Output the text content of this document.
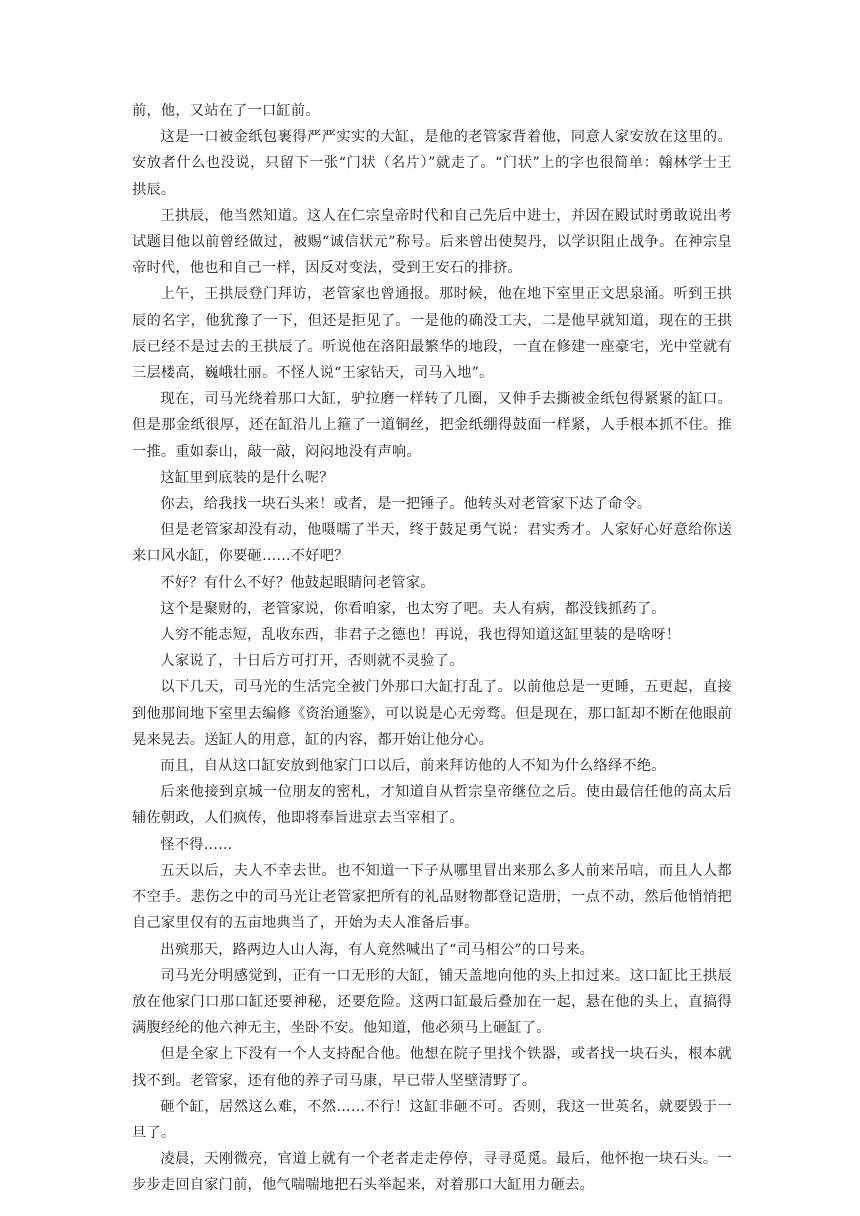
前，他，又站在了一口缸前。

这是一口被金纸包裹得严严实实的大缸，是他的老管家背着他，同意人家安放在这里的。安放者什么也没说，只留下一张“门状（名片）”就走了。“门状”上的字也很简单：翰林学士王拱辰。

王拱辰，他当然知道。这人在仁宗皇帝时代和自己先后中进士，并因在殿试时勇敢说出考试题目他以前曾经做过，被赐“诚信状元”称号。后来曾出使契丹，以学识阻止战争。在神宗皇帝时代，他也和自己一样，因反对变法，受到王安石的排挤。

上午，王拱辰登门拜访，老管家也曾通报。那时候，他在地下室里正文思泉涌。听到王拱辰的名字，他犹豫了一下，但还是拒见了。一是他的确没工夫，二是他早就知道，现在的王拱辰已经不是过去的王拱辰了。听说他在洛阳最繁华的地段，一直在修建一座豪宅，光中堂就有三层楼高，巍峨壮丽。不怪人说“王家钻天，司马入地”。

现在，司马光绕着那口大缸，驴拉磨一样转了几圈，又伸手去撕被金纸包得紧紧的缸口。但是那金纸很厚，还在缸沿儿上箍了一道铜丝，把金纸绷得鼓面一样紧，人手根本抓不住。推一推。重如泰山，敲一敲，闷闷地没有声响。

这缸里到底装的是什么呢？

你去，给我找一块石头来！或者，是一把锤子。他转头对老管家下达了命令。

但是老管家却没有动，他嗫嚅了半天，终于鼓足勇气说：君实秀才。人家好心好意给你送来口风水缸，你要砸……不好吧？

不好？有什么不好？他鼓起眼睛问老管家。

这个是聚财的，老管家说，你看咱家，也太穷了吧。夫人有病，都没钱抓药了。

人穷不能志短，乱收东西，非君子之德也！再说，我也得知道这缸里装的是啥呀！

人家说了，十日后方可打开，否则就不灵验了。

以下几天，司马光的生活完全被门外那口大缸打乱了。以前他总是一更睡，五更起，直接到他那间地下室里去编修《资治通鉴》，可以说是心无旁骛。但是现在，那口缸却不断在他眼前晃来晃去。送缸人的用意，缸的内容，都开始让他分心。

而且，自从这口缸安放到他家门口以后，前来拜访他的人不知为什么络绎不绝。

后来他接到京城一位朋友的密札，才知道自从哲宗皇帝继位之后。使由最信任他的高太后辅佐朝政，人们疯传，他即将奉旨进京去当宰相了。

怪不得……

五天以后，夫人不幸去世。也不知道一下子从哪里冒出来那么多人前来吊唁，而且人人都不空手。悲伤之中的司马光让老管家把所有的礼品财物都登记造册，一点不动，然后他悄悄把自己家里仅有的五亩地典当了，开始为夫人准备后事。

出殡那天，路两边人山人海，有人竟然喊出了“司马相公”的口号来。

司马光分明感觉到，正有一口无形的大缸，铺天盖地向他的头上扣过来。这口缸比王拱辰放在他家门口那口缸还要神秘，还要危险。这两口缸最后叠加在一起，悬在他的头上，直搞得满腹经纶的他六神无主，坐卧不安。他知道，他必须马上砸缸了。

但是全家上下没有一个人支持配合他。他想在院子里找个铁器，或者找一块石头，根本就找不到。老管家，还有他的养子司马康，早已带人坚壁清野了。

砸个缸，居然这么难，不然……不行！这缸非砸不可。否则，我这一世英名，就要毁于一旦了。

凌晨，天刚微亮，官道上就有一个老者走走停停，寻寻觅觅。最后，他怀抱一块石头。一步步走回自家门前，他气喘喘地把石头举起来，对着那口大缸用力砸去。
